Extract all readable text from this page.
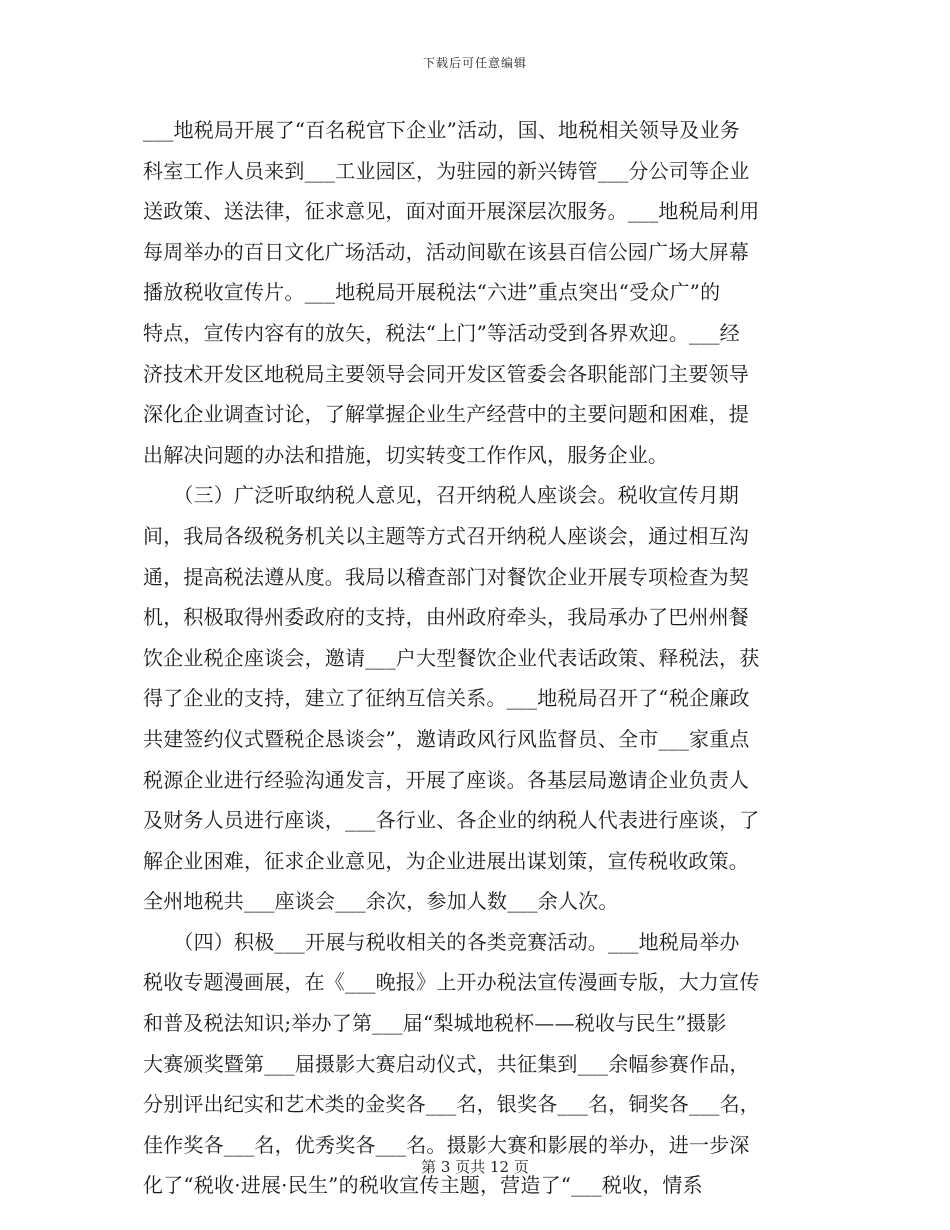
下载后可任意编辑
___地税局开展了“百名税官下企业”活动，国、地税相关领导及业务
科室工作人员来到___工业园区，为驻园的新兴铸管___分公司等企业
送政策、送法律，征求意见，面对面开展深层次服务。___地税局利用
每周举办的百日文化广场活动，活动间歇在该县百信公园广场大屏幕
播放税收宣传片。___地税局开展税法“六进”重点突出“受众广”的
特点，宣传内容有的放矢，税法“上门”等活动受到各界欢迎。___经
济技术开发区地税局主要领导会同开发区管委会各职能部门主要领导
深化企业调查讨论，了解掌握企业生产经营中的主要问题和困难，提
出解决问题的办法和措施，切实转变工作作风，服务企业。
　　（三）广泛听取纳税人意见，召开纳税人座谈会。税收宣传月期
间，我局各级税务机关以主题等方式召开纳税人座谈会，通过相互沟
通，提高税法遵从度。我局以稽查部门对餐饮企业开展专项检查为契
机，积极取得州委政府的支持，由州政府牵头，我局承办了巴州州餐
饮企业税企座谈会，邀请___户大型餐饮企业代表话政策、释税法，获
得了企业的支持，建立了征纳互信关系。___地税局召开了“税企廉政
共建签约仪式暨税企恳谈会”，邀请政风行风监督员、全市___家重点
税源企业进行经验沟通发言，开展了座谈。各基层局邀请企业负责人
及财务人员进行座谈，___各行业、各企业的纳税人代表进行座谈，了
解企业困难，征求企业意见，为企业进展出谋划策，宣传税收政策。
全州地税共___座谈会___余次，参加人数___余人次。
　　（四）积极___开展与税收相关的各类竞赛活动。___地税局举办
税收专题漫画展，在《___晚报》上开办税法宣传漫画专版，大力宣传
和普及税法知识;举办了第___届“梨城地税杯——税收与民生”摄影
大赛颁奖暨第___届摄影大赛启动仪式，共征集到___余幅参赛作品，
分别评出纪实和艺术类的金奖各___名，银奖各___名，铜奖各___名，
佳作奖各___名，优秀奖各___名。摄影大赛和影展的举办，进一步深
化了“税收·进展·民生”的税收宣传主题，营造了“___税收，情系
第 3 页共 12 页
